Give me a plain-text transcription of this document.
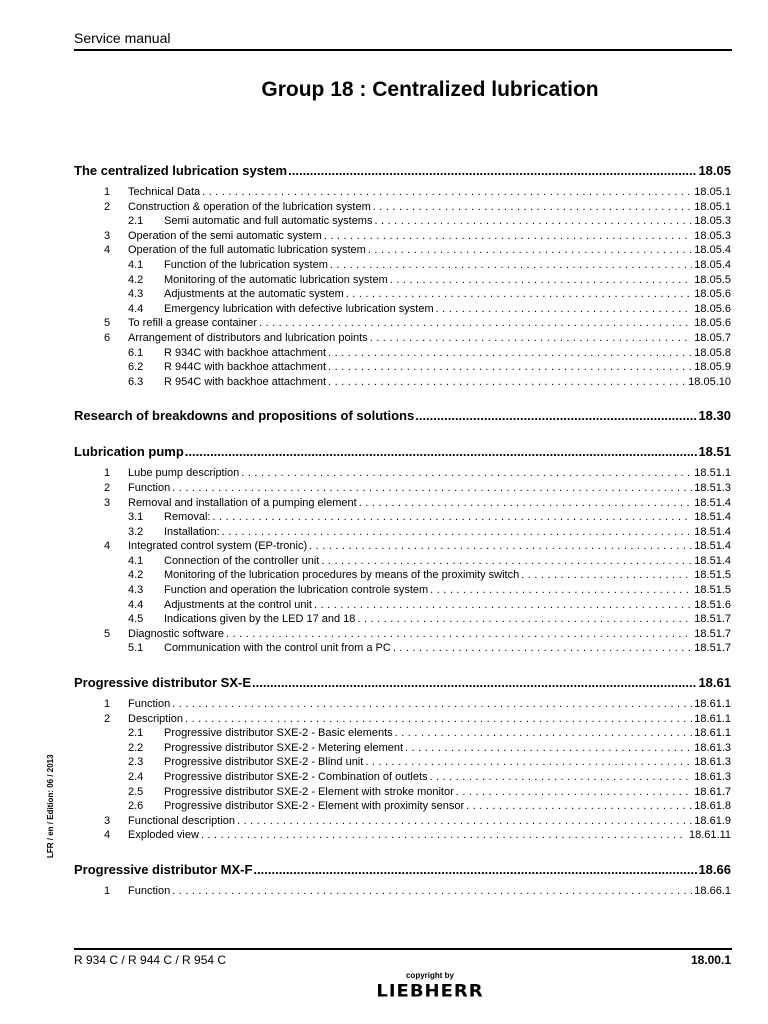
Service manual
Group 18 : Centralized lubrication
LFR / en / Edition: 06 / 2013
The centralized lubrication system .....	18.05
1	Technical Data .....	18.05.1
2	Construction & operation of the lubrication system .....	18.05.1
2.1	Semi automatic and full automatic systems .....	18.05.3
3	Operation of the semi automatic system .....	18.05.3
4	Operation of the full automatic lubrication system .....	18.05.4
4.1	Function of the lubrication system .....	18.05.4
4.2	Monitoring of the automatic lubrication system .....	18.05.5
4.3	Adjustments at the automatic system .....	18.05.6
4.4	Emergency lubrication with defective lubrication system .....	18.05.6
5	To refill a grease container .....	18.05.6
6	Arrangement of distributors and lubrication points .....	18.05.7
6.1	R 934C with backhoe attachment .....	18.05.8
6.2	R 944C with backhoe attachment .....	18.05.9
6.3	R 954C with backhoe attachment .....	18.05.10
Research of breakdowns and propositions of solutions .....	18.30
Lubrication pump .....	18.51
1	Lube pump description .....	18.51.1
2	Function .....	18.51.3
3	Removal and installation of a pumping element .....	18.51.4
3.1	Removal: .....	18.51.4
3.2	Installation: .....	18.51.4
4	Integrated control system (EP-tronic) .....	18.51.4
4.1	Connection of the controller unit .....	18.51.4
4.2	Monitoring of the lubrication procedures by means of the proximity switch .....	18.51.5
4.3	Function and operation the lubrication controle system .....	18.51.5
4.4	Adjustments at the control unit .....	18.51.6
4.5	Indications given by the LED 17 and 18 .....	18.51.7
5	Diagnostic software .....	18.51.7
5.1	Communication with the control unit from a PC .....	18.51.7
Progressive distributor SX-E .....	18.61
1	Function .....	18.61.1
2	Description .....	18.61.1
2.1	Progressive distributor SXE-2 - Basic elements .....	18.61.1
2.2	Progressive distributor SXE-2 - Metering element .....	18.61.3
2.3	Progressive distributor SXE-2 - Blind unit .....	18.61.3
2.4	Progressive distributor SXE-2 - Combination of outlets .....	18.61.3
2.5	Progressive distributor SXE-2 - Element with stroke monitor .....	18.61.7
2.6	Progressive distributor SXE-2 - Element with proximity sensor .....	18.61.8
3	Functional description .....	18.61.9
4	Exploded view .....	18.61.11
Progressive distributor MX-F .....	18.66
1	Function .....	18.66.1
R 934 C / R 944 C / R 954 C	18.00.1
copyright by
LIEBHERR
